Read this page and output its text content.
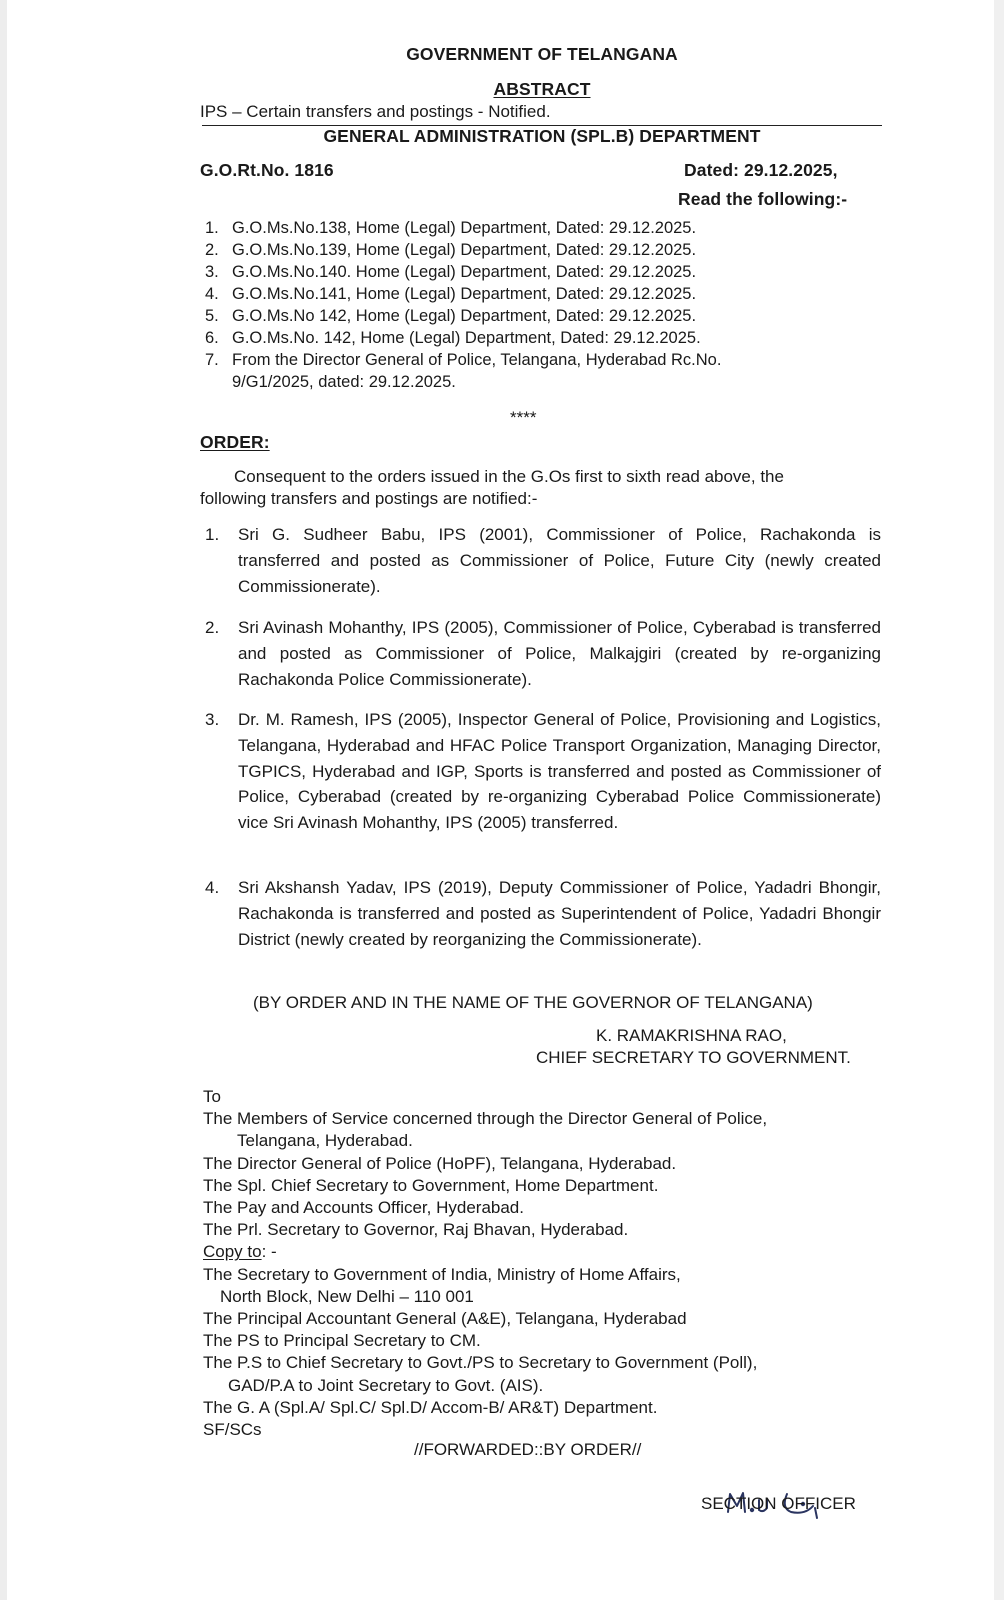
GOVERNMENT OF TELANGANA
ABSTRACT
IPS – Certain transfers and postings - Notified.
GENERAL ADMINISTRATION (SPL.B) DEPARTMENT
G.O.Rt.No. 1816	Dated: 29.12.2025,
Read the following:-
1. G.O.Ms.No.138, Home (Legal) Department, Dated: 29.12.2025.
2. G.O.Ms.No.139, Home (Legal) Department, Dated: 29.12.2025.
3. G.O.Ms.No.140. Home (Legal) Department, Dated: 29.12.2025.
4. G.O.Ms.No.141, Home (Legal) Department, Dated: 29.12.2025.
5. G.O.Ms.No 142, Home (Legal) Department, Dated: 29.12.2025.
6. G.O.Ms.No. 142, Home (Legal) Department, Dated: 29.12.2025.
7. From the Director General of Police, Telangana, Hyderabad Rc.No.
9/G1/2025, dated: 29.12.2025.
****
ORDER:
Consequent to the orders issued in the G.Os first to sixth read above, the
following transfers and postings are notified:-
1.	Sri G. Sudheer Babu, IPS (2001), Commissioner of Police, Rachakonda is transferred and posted as Commissioner of Police, Future City (newly created Commissionerate).
2.	Sri Avinash Mohanthy, IPS (2005), Commissioner of Police, Cyberabad is transferred and posted as Commissioner of Police, Malkajgiri (created by re-organizing Rachakonda Police Commissionerate).
3.	Dr. M. Ramesh, IPS (2005), Inspector General of Police, Provisioning and Logistics, Telangana, Hyderabad and HFAC Police Transport Organization, Managing Director, TGPICS, Hyderabad and IGP, Sports is transferred and posted as Commissioner of Police, Cyberabad (created by re-organizing Cyberabad Police Commissionerate) vice Sri Avinash Mohanthy, IPS (2005) transferred.
4.	Sri Akshansh Yadav, IPS (2019), Deputy Commissioner of Police, Yadadri Bhongir, Rachakonda is transferred and posted as Superintendent of Police, Yadadri Bhongir District (newly created by reorganizing the Commissionerate).
(BY ORDER AND IN THE NAME OF THE GOVERNOR OF TELANGANA)
K. RAMAKRISHNA RAO,
CHIEF SECRETARY TO GOVERNMENT.
To
The Members of Service concerned through the Director General of Police,
Telangana, Hyderabad.
The Director General of Police (HoPF), Telangana, Hyderabad.
The Spl. Chief Secretary to Government, Home Department.
The Pay and Accounts Officer, Hyderabad.
The Prl. Secretary to Governor, Raj Bhavan, Hyderabad.
Copy to: -
The Secretary to Government of India, Ministry of Home Affairs,
North Block, New Delhi – 110 001
The Principal Accountant General (A&E), Telangana, Hyderabad
The PS to Principal Secretary to CM.
The P.S to Chief Secretary to Govt./PS to Secretary to Government (Poll),
GAD/P.A to Joint Secretary to Govt. (AIS).
The G. A (Spl.A/ Spl.C/ Spl.D/ Accom-B/ AR&T) Department.
SF/SCs
//FORWARDED::BY ORDER//
SECTION OFFICER
